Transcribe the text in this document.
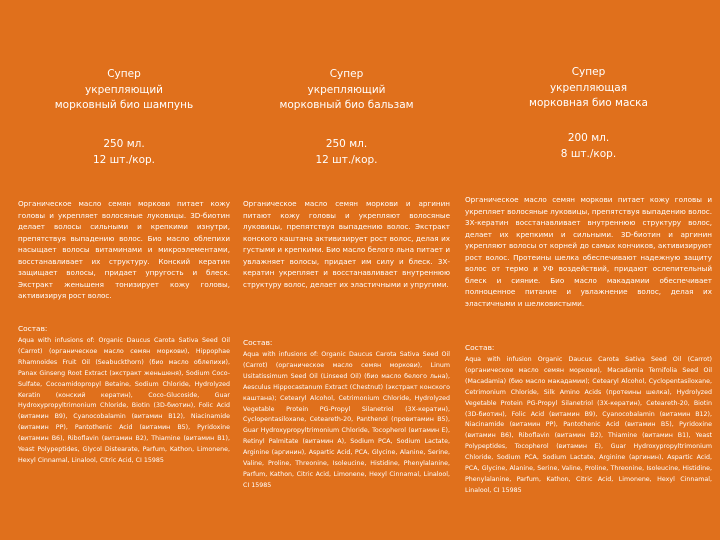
Супер
укрепляющий
морковный био шампунь
250 мл.
12 шт./кор.
Органическое масло семян моркови питает кожу головы и укрепляет волосяные луковицы. 3D-биотин делает волосы сильными и крепкими изнутри, препятствуя выпадению волос. Био масло облепихи насыщает волосы витаминами и микроэлементами, восстанавливает их структуру. Конский кератин защищает волосы, придает упругость и блеск. Экстракт женьшеня тонизирует кожу головы, активизируя рост волос.
Состав:
Aqua with infusions of: Organic Daucus Carota Sativa Seed Oil (Carrot) (органическое масло семян моркови), Hippophae Rhamnoides Fruit Oil (Seabuckthorn) (био масло облепихи), Panax Ginseng Root Extract (экстракт женьшеня), Sodium Coco-Sulfate, Cocoamidopropyl Betaine, Sodium Chloride, Hydrolyzed Keratin (конский кератин), Coco-Glucoside, Guar Hydroxypropyltrimonium Chloride, Biotin (3D-биотин), Folic Acid (витамин B9), Cyanocobalamin (витамин B12), Niacinamide (витамин PP), Pantothenic Acid (витамин B5), Pyridoxine (витамин B6), Riboflavin (витамин B2), Thiamine (витамин B1), Yeast Polypeptides, Glycol Distearate, Parfum, Kathon, Limonene, Hexyl Cinnamal, Linalool, Citric Acid, CI 15985
Супер
укрепляющий
морковный био бальзам
250 мл.
12 шт./кор.
Органическое масло семян моркови и аргинин питают кожу головы и укрепляют волосяные луковицы, препятствуя выпадению волос. Экстракт конского каштана активизирует рост волос, делая их густыми и крепкими. Био масло белого льна питает и увлажняет волосы, придает им силу и блеск. 3Х-кератин укрепляет и восстанавливает внутреннюю структуру волос, делает их эластичными и упругими.
Состав:
Aqua with infusions of: Organic Daucus Carota Sativa Seed Oil (Carrot) (органическое масло семян моркови), Linum Usitatissimum Seed Oil (Linseed Oil) (био масло белого льна), Aesculus Hippocastanum Extract (Chestnut) (экстракт конского каштана); Cetearyl Alcohol, Cetrimonium Chloride, Hydrolyzed Vegetable Protein PG-Propyl Silanetriol (3Х-кератин), Cyclopentasiloxane, Ceteareth-20, Panthenol (провитамин B5), Guar Hydroxypropyltrimonium Chloride, Tocopherol (витамин E), Retinyl Palmitate (витамин A), Sodium PCA, Sodium Lactate, Arginine (аргинин), Aspartic Acid, PCA, Glycine, Alanine, Serine, Valine, Proline, Threonine, Isoleucine, Histidine, Phenylalanine, Parfum, Kathon, Citric Acid, Limonene, Hexyl Cinnamal, Linalool, CI 15985
Супер
укрепляющая
морковная био маска
200 мл.
8 шт./кор.
Органическое масло семян моркови питает кожу головы и укрепляет волосяные луковицы, препятствуя выпадению волос. 3Х-кератин восстанавливает внутреннюю структуру волос, делает их крепкими и сильными. 3D-биотин и аргинин укрепляют волосы от корней до самых кончиков, активизируют рост волос. Протеины шелка обеспечивают надежную защиту волос от термо и УФ воздействий, придают ослепительный блеск и сияние. Био масло макадамии обеспечивает полноценное питание и увлажнение волос, делая их эластичными и шелковистыми.
Состав:
Aqua with infusion Organic Daucus Carota Sativa Seed Oil (Carrot) (органическое масло семян моркови), Macadamia Ternifolia Seed Oil (Macadamia) (био масло макадамии); Cetearyl Alcohol, Cyclopentasiloxane, Cetrimonium Chloride, Silk Amino Acids (протеины шелка), Hydrolyzed Vegetable Protein PG-Propyl Silanetriol (3Х-кератин), Ceteareth-20, Biotin (3D-биотин), Folic Acid (витамин B9), Cyanocobalamin (витамин B12), Niacinamide (витамин PP), Pantothenic Acid (витамин B5), Pyridoxine (витамин B6), Riboflavin (витамин B2), Thiamine (витамин B1), Yeast Polypeptides, Tocopherol (витамин E), Guar Hydroxypropyltrimonium Chloride, Sodium PCA, Sodium Lactate, Arginine (аргинин), Aspartic Acid, PCA, Glycine, Alanine, Serine, Valine, Proline, Threonine, Isoleucine, Histidine, Phenylalanine, Parfum, Kathon, Citric Acid, Limonene, Hexyl Cinnamal, Linalool, CI 15985
